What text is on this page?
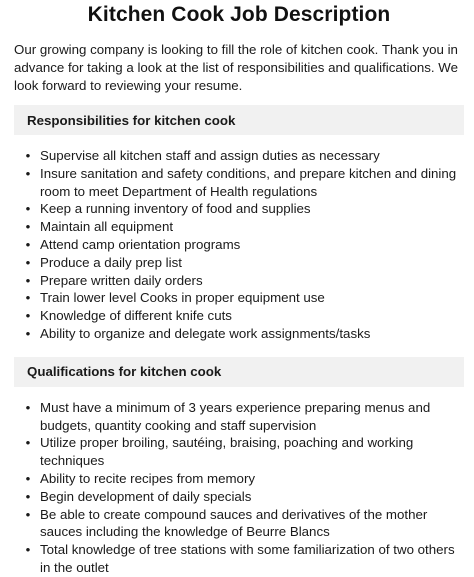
Kitchen Cook Job Description

Our growing company is looking to fill the role of kitchen cook. Thank you in advance for taking a look at the list of responsibilities and qualifications. We look forward to reviewing your resume.

Responsibilities for kitchen cook
• Supervise all kitchen staff and assign duties as necessary
• Insure sanitation and safety conditions, and prepare kitchen and dining room to meet Department of Health regulations
• Keep a running inventory of food and supplies
• Maintain all equipment
• Attend camp orientation programs
• Produce a daily prep list
• Prepare written daily orders
• Train lower level Cooks in proper equipment use
• Knowledge of different knife cuts
• Ability to organize and delegate work assignments/tasks
Qualifications for kitchen cook
• Must have a minimum of 3 years experience preparing menus and budgets, quantity cooking and staff supervision
• Utilize proper broiling, sautéing, braising, poaching and working techniques
• Ability to recite recipes from memory
• Begin development of daily specials
• Be able to create compound sauces and derivatives of the mother sauces including the knowledge of Beurre Blancs
• Total knowledge of tree stations with some familiarization of two others in the outlet
